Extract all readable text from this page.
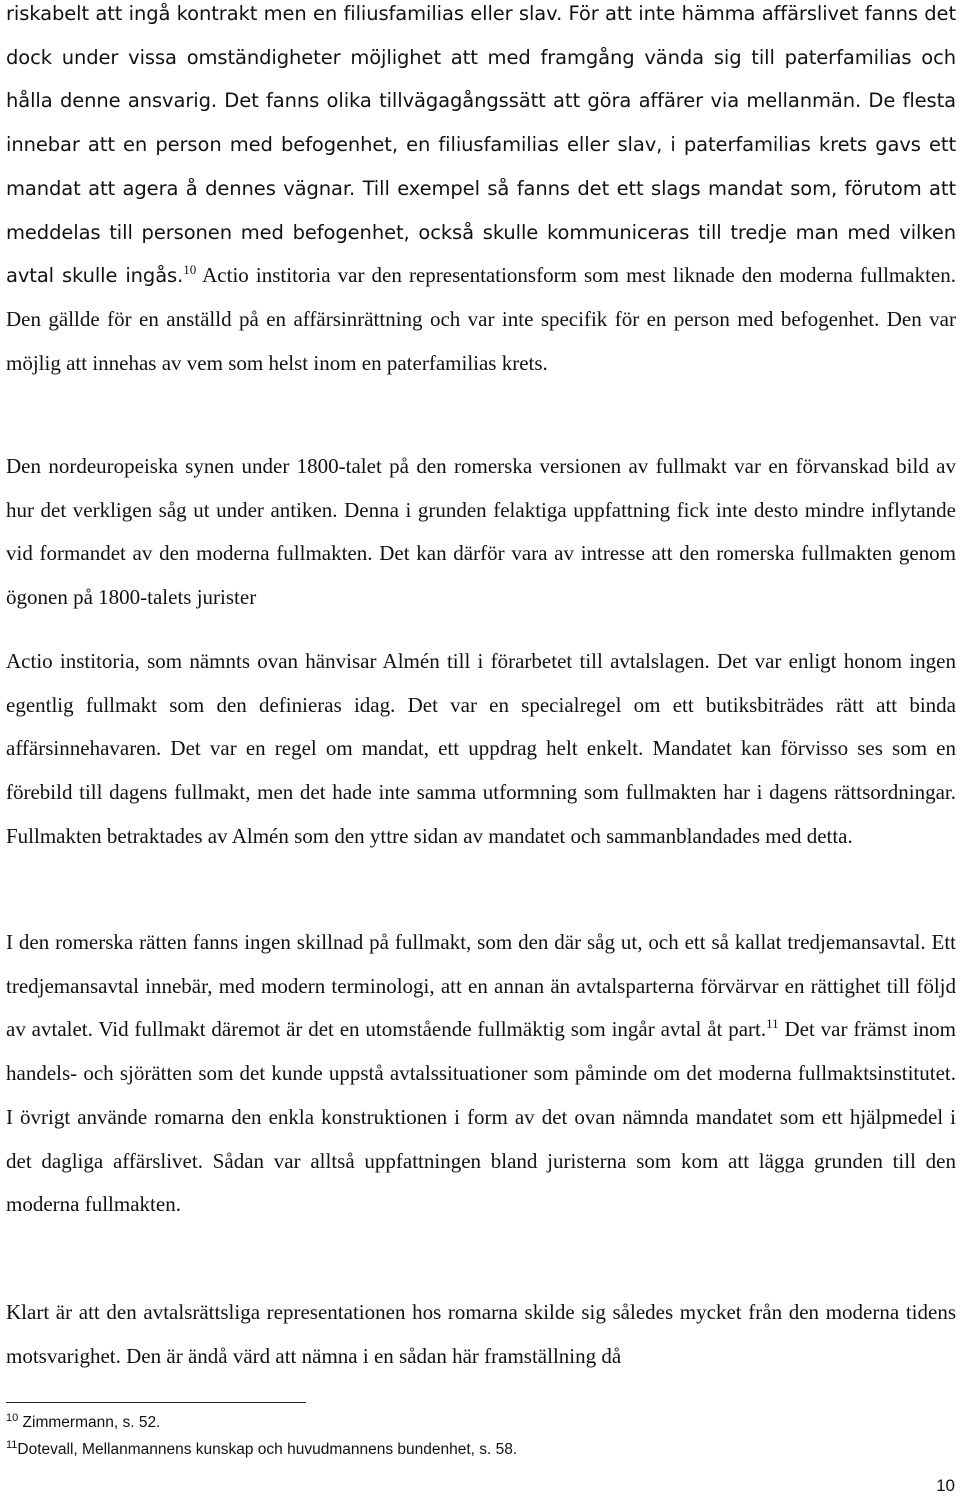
riskabelt att ingå kontrakt men en filiusfamilias eller slav. För att inte hämma affärslivet fanns det dock under vissa omständigheter möjlighet att med framgång vända sig till paterfamilias och hålla denne ansvarig. Det fanns olika tillvägagångssätt att göra affärer via mellanmän. De flesta innebar att en person med befogenhet, en filiusfamilias eller slav, i paterfamilias krets gavs ett mandat att agera å dennes vägnar. Till exempel så fanns det ett slags mandat som, förutom att meddelas till personen med befogenhet, också skulle kommuniceras till tredje man med vilken avtal skulle ingås.$^{10}$ Actio institoria var den representationsform som mest liknade den moderna fullmakten. Den gällde för en anställd på en affärsinrättning och var inte specifik för en person med befogenhet. Den var möjlig att innehas av vem som helst inom en paterfamilias krets.

Den nordeuropeiska synen under 1800-talet på den romerska versionen av fullmakt var en förvanskad bild av hur det verkligen såg ut under antiken. Denna i grunden felaktiga uppfattning fick inte desto mindre inflytande vid formandet av den moderna fullmakten. Det kan därför vara av intresse att den romerska fullmakten genom ögonen på 1800-talets jurister

Actio institoria, som nämnts ovan hänvisar Almén till i förarbetet till avtalslagen. Det var enligt honom ingen egentlig fullmakt som den definieras idag. Det var en specialregel om ett butiksbiträdes rätt att binda affärsinnehavaren. Det var en regel om mandat, ett uppdrag helt enkelt. Mandatet kan förvisso ses som en förebild till dagens fullmakt, men det hade inte samma utformning som fullmakten har i dagens rättsordningar. Fullmakten betraktades av Almén som den yttre sidan av mandatet och sammanblandades med detta.

I den romerska rätten fanns ingen skillnad på fullmakt, som den där såg ut, och ett så kallat tredjemansavtal. Ett tredjemansavtal innebär, med modern terminologi, att en annan än avtalsparterna förvärvar en rättighet till följd av avtalet. Vid fullmakt däremot är det en utomstående fullmäktig som ingår avtal åt part.$^{11}$ Det var främst inom handels- och sjörätten som det kunde uppstå avtalssituationer som påminde om det moderna fullmaktsinstitutet. I övrigt använde romarna den enkla konstruktionen i form av det ovan nämnda mandatet som ett hjälpmedel i det dagliga affärslivet. Sådan var alltså uppfattningen bland juristerna som kom att lägga grunden till den moderna fullmakten.

Klart är att den avtalsrättsliga representationen hos romarna skilde sig således mycket från den moderna tidens motsvarighet. Den är ändå värd att nämna i en sådan här framställning då

$^{10}$ Zimmermann, s. 52.
$^{11}$Dotevall, Mellanmannens kunskap och huvudmannens bundenhet, s. 58.
10
